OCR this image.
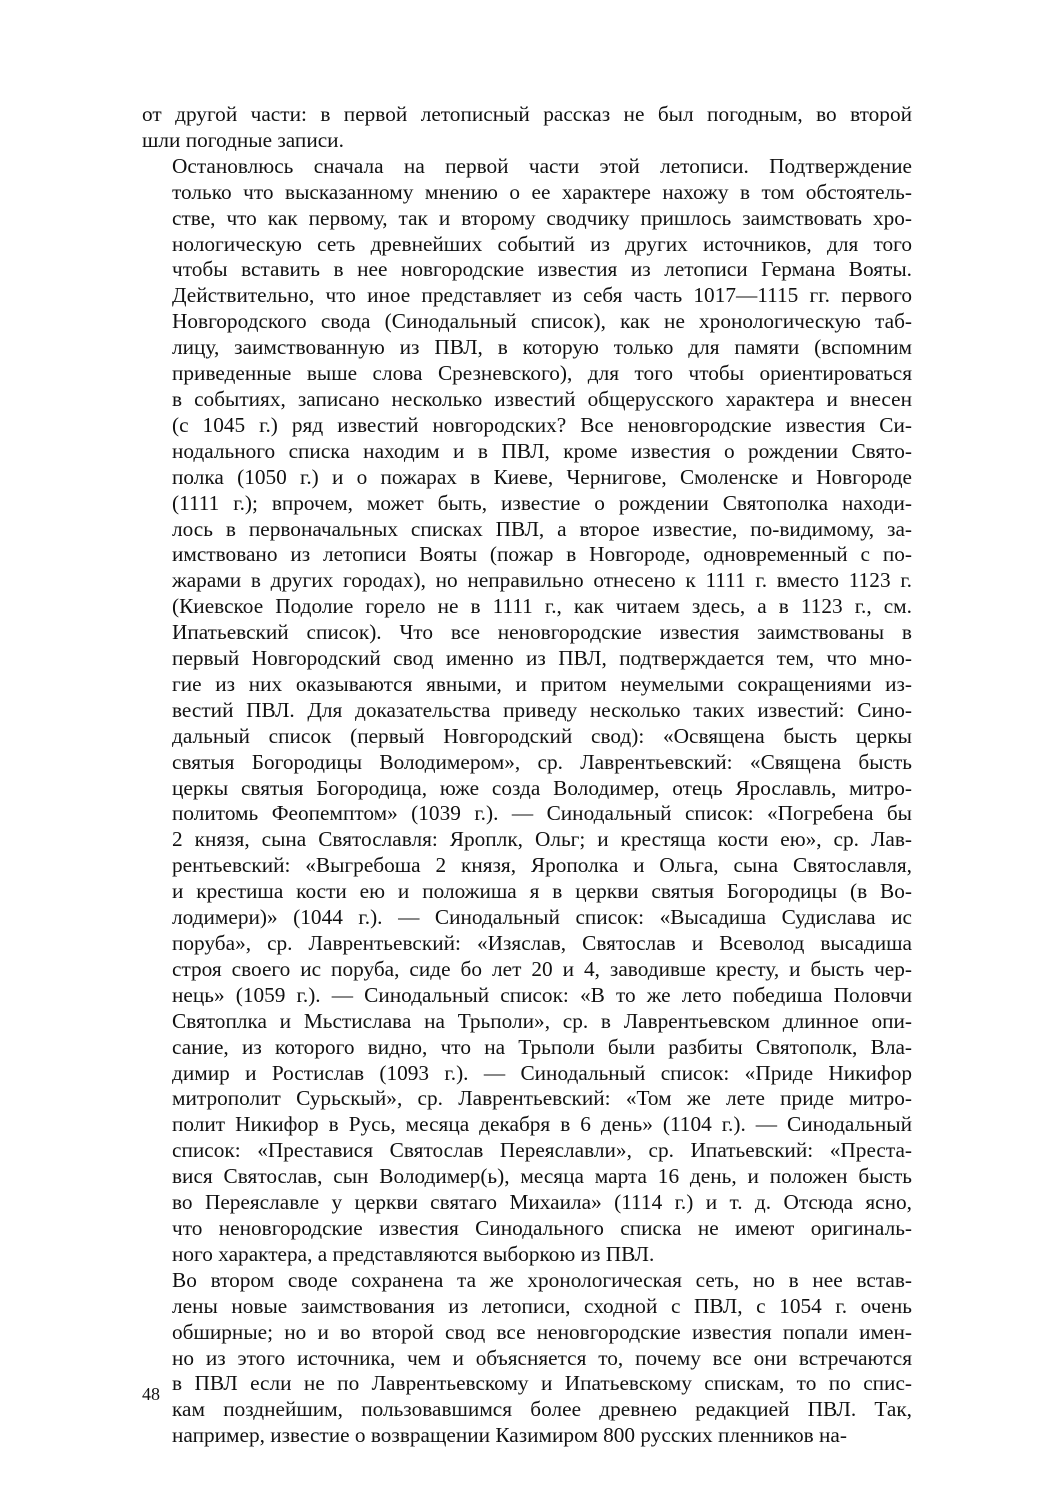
от другой части: в первой летописный рассказ не был погодным, во второй
шли погодные записи.
Остановлюсь сначала на первой части этой летописи. Подтверждение
только что высказанному мнению о ее характере нахожу в том обстоятель-
стве, что как первому, так и второму сводчику пришлось заимствовать хро-
нологическую сеть древнейших событий из других источников, для того
чтобы вставить в нее новгородские известия из летописи Германа Вояты.
Действительно, что иное представляет из себя часть 1017—1115 гг. первого
Новгородского свода (Синодальный список), как не хронологическую таб-
лицу, заимствованную из ПВЛ, в которую только для памяти (вспомним
приведенные выше слова Срезневского), для того чтобы ориентироваться
в событиях, записано несколько известий общерусского характера и внесен
(с 1045 г.) ряд известий новгородских? Все неновгородские известия Си-
нодального списка находим и в ПВЛ, кроме известия о рождении Свято-
полка (1050 г.) и о пожарах в Киеве, Чернигове, Смоленске и Новгороде
(1111 г.); впрочем, может быть, известие о рождении Святополка находи-
лось в первоначальных списках ПВЛ, а второе известие, по-видимому, за-
имствовано из летописи Вояты (пожар в Новгороде, одновременный с по-
жарами в других городах), но неправильно отнесено к 1111 г. вместо 1123 г.
(Киевское Подолие горело не в 1111 г., как читаем здесь, а в 1123 г., см.
Ипатьевский список). Что все неновгородские известия заимствованы в
первый Новгородский свод именно из ПВЛ, подтверждается тем, что мно-
гие из них оказываются явными, и притом неумелыми сокращениями из-
вестий ПВЛ. Для доказательства приведу несколько таких известий: Сино-
дальный список (первый Новгородский свод): «Освящена бысть церкы
святыя Богородицы Володимером», ср. Лаврентьевский: «Священа бысть
церкы святыя Богородица, юже созда Володимер, отець Ярославль, митро-
политомь Феопемптом» (1039 г.). — Синодальный список: «Погребена бы
2 князя, сына Святославля: Яроплк, Ольг; и крестяща кости ею», ср. Лав-
рентьевский: «Выгребоша 2 князя, Ярополка и Ольга, сына Святославля,
и крестиша кости ею и положиша я в церкви святыя Богородицы (в Во-
лодимери)» (1044 г.). — Синодальный список: «Высадиша Судислава ис
поруба», ср. Лаврентьевский: «Изяслав, Святослав и Всеволод высадиша
строя своего ис поруба, сиде бо лет 20 и 4, заводивше кресту, и бысть чер-
нець» (1059 г.). — Синодальный список: «В то же лето победиша Половчи
Святоплка и Мьстислава на Трьполи», ср. в Лаврентьевском длинное опи-
сание, из которого видно, что на Трьполи были разбиты Святополк, Вла-
димир и Ростислав (1093 г.). — Синодальный список: «Приде Никифор
митрополит Сурьскый», ср. Лаврентьевский: «Том же лете приде митро-
полит Никифор в Русь, месяца декабря в 6 день» (1104 г.). — Синодальный
список: «Преставися Святослав Переяславли», ср. Ипатьевский: «Преста-
вися Святослав, сын Володимер(ь), месяца марта 16 день, и положен бысть
во Переяславле у церкви святаго Михаила» (1114 г.) и т. д. Отсюда ясно,
что неновгородские известия Синодального списка не имеют оригиналь-
ного характера, а представляются выборкою из ПВЛ.
Во втором своде сохранена та же хронологическая сеть, но в нее встав-
лены новые заимствования из летописи, сходной с ПВЛ, с 1054 г. очень
обширные; но и во второй свод все неновгородские известия попали имен-
но из этого источника, чем и объясняется то, почему все они встречаются
в ПВЛ если не по Лаврентьевскому и Ипатьевскому спискам, то по спис-
кам позднейшим, пользовавшимся более древнею редакцией ПВЛ. Так,
например, известие о возвращении Казимиром 800 русских пленников на-
48
